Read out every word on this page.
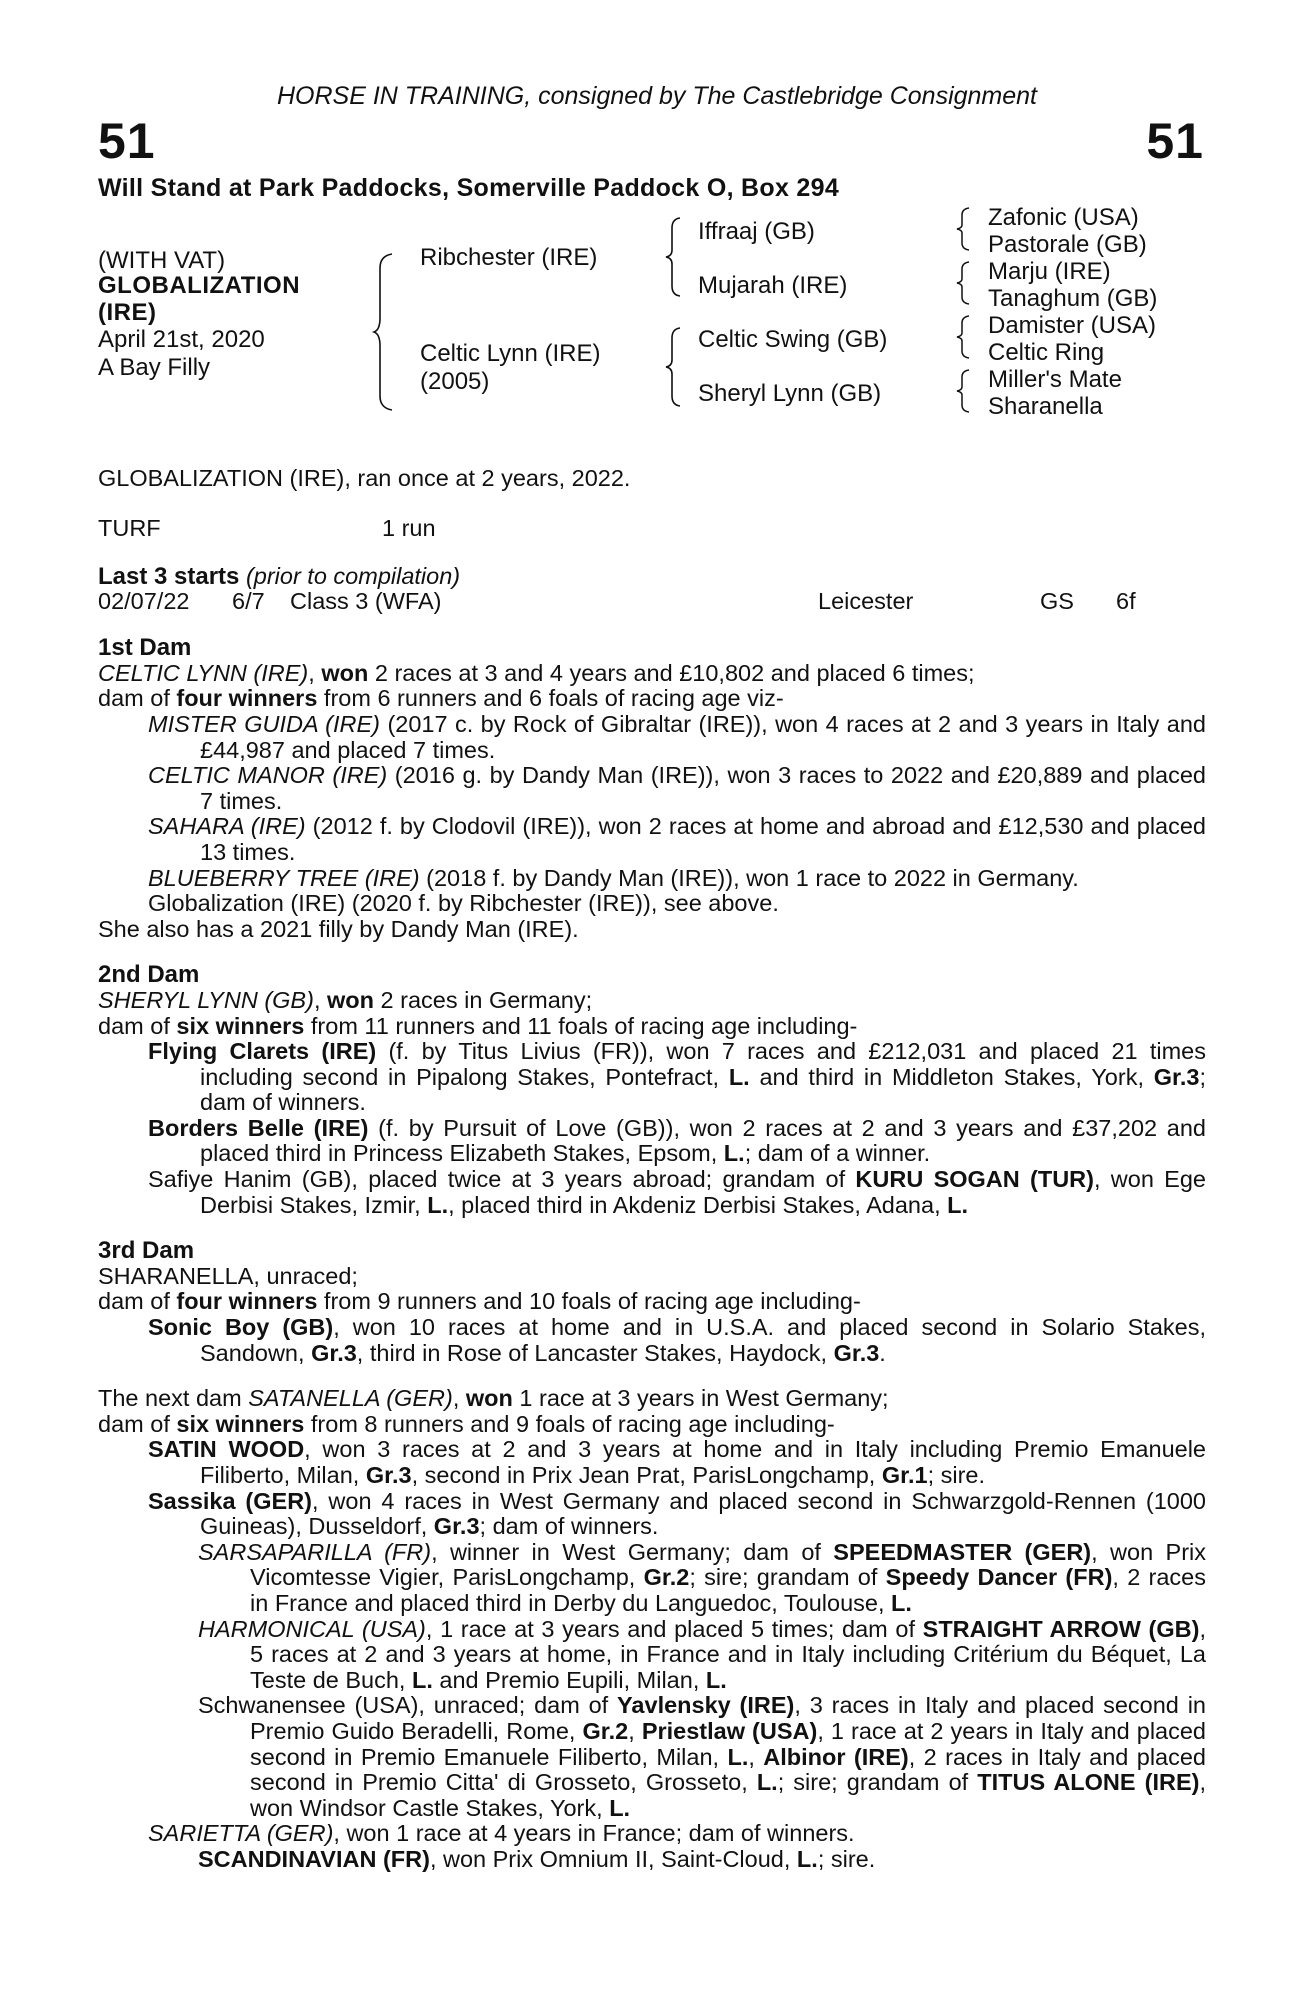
HORSE IN TRAINING, consigned by The Castlebridge Consignment
51	51
Will Stand at Park Paddocks, Somerville Paddock O, Box 294
(WITH VAT)
GLOBALIZATION
(IRE)
April 21st, 2020
A Bay Filly
Ribchester (IRE)
Celtic Lynn (IRE)
(2005)
Iffraaj (GB)
Mujarah (IRE)
Celtic Swing (GB)
Sheryl Lynn (GB)
Zafonic (USA)
Pastorale (GB)
Marju (IRE)
Tanaghum (GB)
Damister (USA)
Celtic Ring
Miller's Mate
Sharanella

GLOBALIZATION (IRE), ran once at 2 years, 2022.

TURF	1 run

Last 3 starts (prior to compilation)

02/07/22 6/7 Class 3 (WFA)	Leicester	GS 6f

1st Dam

CELTIC LYNN (IRE), won 2 races at 3 and 4 years and £10,802 and placed 6 times;

dam of four winners from 6 runners and 6 foals of racing age viz-

MISTER GUIDA (IRE) (2017 c. by Rock of Gibraltar (IRE)), won 4 races at 2 and 3 years in Italy and £44,987 and placed 7 times.

CELTIC MANOR (IRE) (2016 g. by Dandy Man (IRE)), won 3 races to 2022 and £20,889 and placed 7 times.

SAHARA (IRE) (2012 f. by Clodovil (IRE)), won 2 races at home and abroad and £12,530 and placed 13 times.

BLUEBERRY TREE (IRE) (2018 f. by Dandy Man (IRE)), won 1 race to 2022 in Germany.

Globalization (IRE) (2020 f. by Ribchester (IRE)), see above.

She also has a 2021 filly by Dandy Man (IRE).

2nd Dam

SHERYL LYNN (GB), won 2 races in Germany;

dam of six winners from 11 runners and 11 foals of racing age including-

Flying Clarets (IRE) (f. by Titus Livius (FR)), won 7 races and £212,031 and placed 21 times including second in Pipalong Stakes, Pontefract, L. and third in Middleton Stakes, York, Gr.3; dam of winners.

Borders Belle (IRE) (f. by Pursuit of Love (GB)), won 2 races at 2 and 3 years and £37,202 and placed third in Princess Elizabeth Stakes, Epsom, L.; dam of a winner.

Safiye Hanim (GB), placed twice at 3 years abroad; grandam of KURU SOGAN (TUR), won Ege Derbisi Stakes, Izmir, L., placed third in Akdeniz Derbisi Stakes, Adana, L.

3rd Dam

SHARANELLA, unraced;

dam of four winners from 9 runners and 10 foals of racing age including-

Sonic Boy (GB), won 10 races at home and in U.S.A. and placed second in Solario Stakes, Sandown, Gr.3, third in Rose of Lancaster Stakes, Haydock, Gr.3.

The next dam SATANELLA (GER), won 1 race at 3 years in West Germany;

dam of six winners from 8 runners and 9 foals of racing age including-

SATIN WOOD, won 3 races at 2 and 3 years at home and in Italy including Premio Emanuele Filiberto, Milan, Gr.3, second in Prix Jean Prat, ParisLongchamp, Gr.1; sire.

Sassika (GER), won 4 races in West Germany and placed second in Schwarzgold-Rennen (1000 Guineas), Dusseldorf, Gr.3; dam of winners.

SARSAPARILLA (FR), winner in West Germany; dam of SPEEDMASTER (GER), won Prix Vicomtesse Vigier, ParisLongchamp, Gr.2; sire; grandam of Speedy Dancer (FR), 2 races in France and placed third in Derby du Languedoc, Toulouse, L.

HARMONICAL (USA), 1 race at 3 years and placed 5 times; dam of STRAIGHT ARROW (GB), 5 races at 2 and 3 years at home, in France and in Italy including Critérium du Béquet, La Teste de Buch, L. and Premio Eupili, Milan, L.

Schwanensee (USA), unraced; dam of Yavlensky (IRE), 3 races in Italy and placed second in Premio Guido Beradelli, Rome, Gr.2, Priestlaw (USA), 1 race at 2 years in Italy and placed second in Premio Emanuele Filiberto, Milan, L., Albinor (IRE), 2 races in Italy and placed second in Premio Citta' di Grosseto, Grosseto, L.; sire; grandam of TITUS ALONE (IRE), won Windsor Castle Stakes, York, L.

SARIETTA (GER), won 1 race at 4 years in France; dam of winners.

SCANDINAVIAN (FR), won Prix Omnium II, Saint-Cloud, L.; sire.
